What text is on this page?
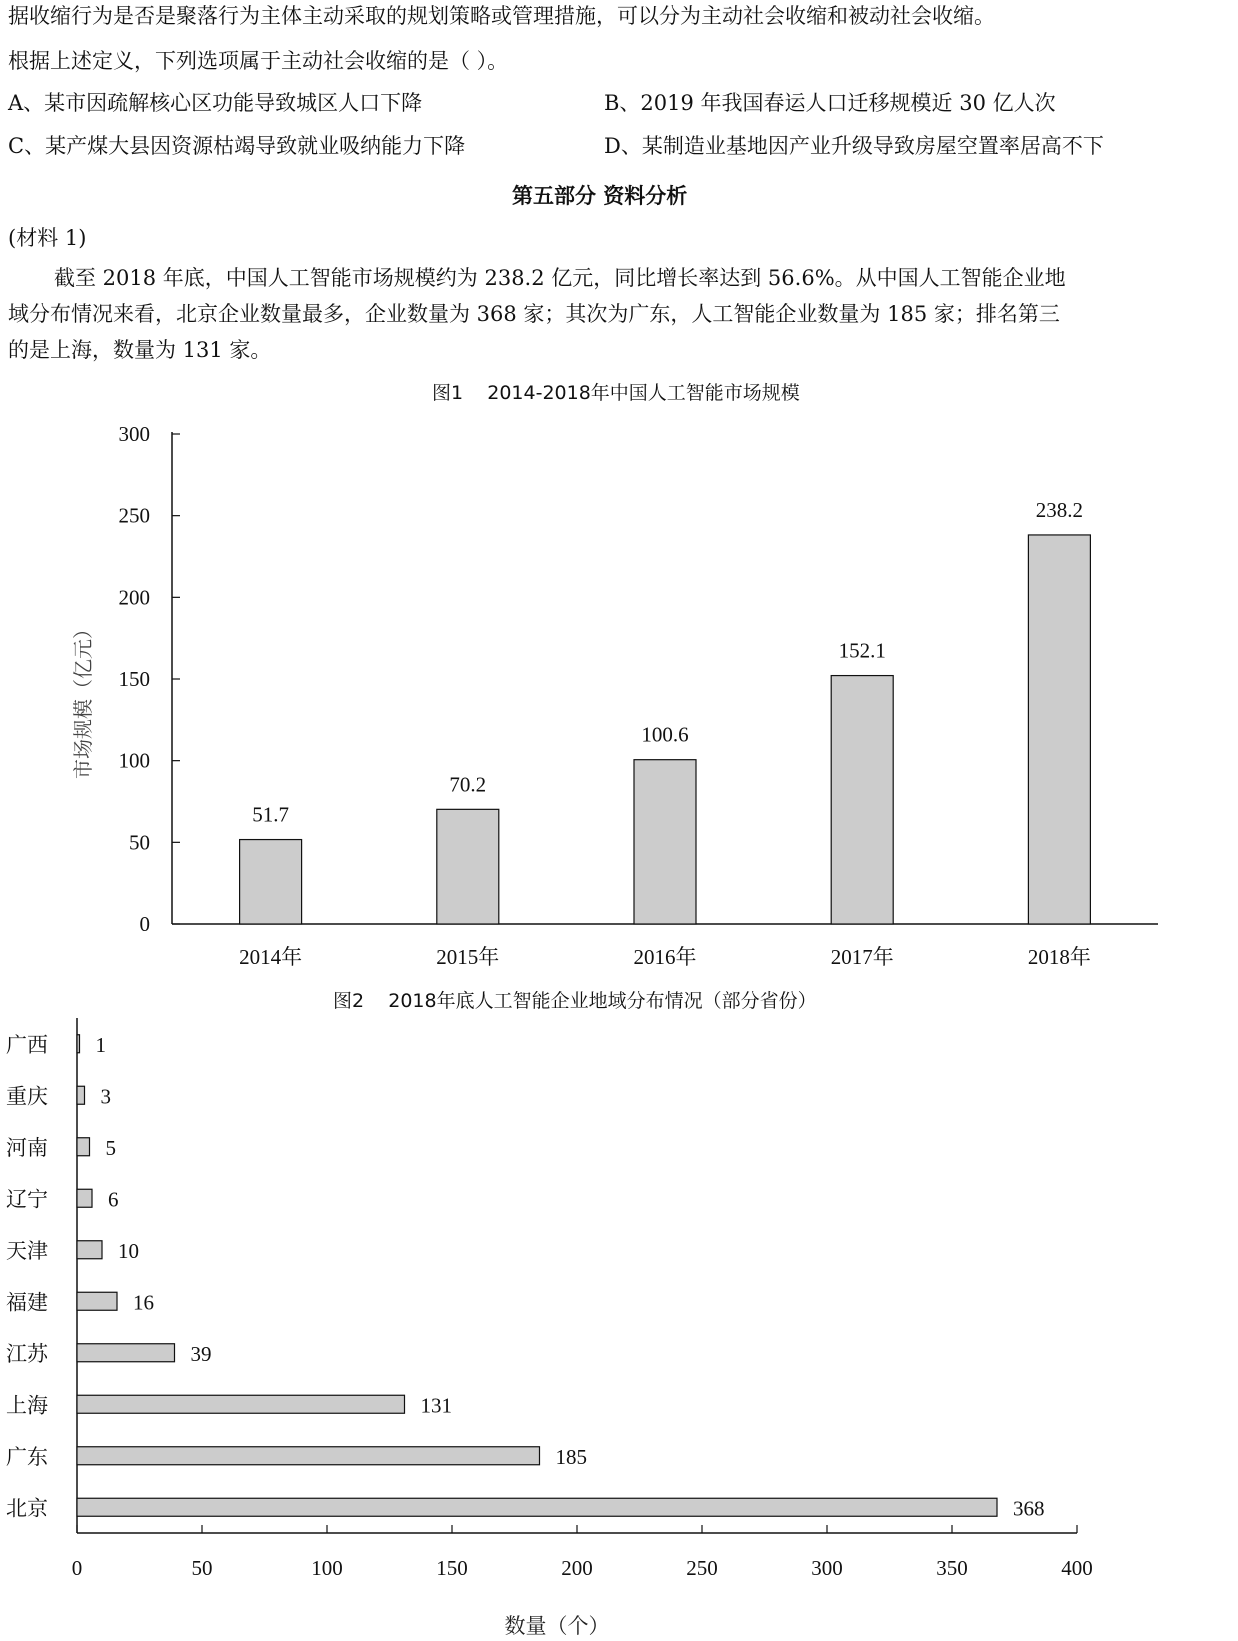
据收缩行为是否是聚落行为主体主动采取的规划策略或管理措施，可以分为主动社会收缩和被动社会收缩。
根据上述定义，下列选项属于主动社会收缩的是（ ）。
A、某市因疏解核心区功能导致城区人口下降	B、2019 年我国春运人口迁移规模近 30 亿人次
C、某产煤大县因资源枯竭导致就业吸纳能力下降	D、某制造业基地因产业升级导致房屋空置率居高不下
第五部分 资料分析
(材料 1)
截至 2018 年底，中国人工智能市场规模约为 238.2 亿元，同比增长率达到 56.6%。从中国人工智能企业地
域分布情况来看，北京企业数量最多，企业数量为 368 家；其次为广东，人工智能企业数量为 185 家；排名第三
的是上海，数量为 131 家。
图1    2014-2018年中国人工智能市场规模
0
50
100
150
200
250
300
51.7
2014年
70.2
2015年
100.6
2016年
152.1
2017年
238.2
2018年
市场规模（亿元）
图2    2018年底人工智能企业地域分布情况（部分省份）
0	50	100	150	200	250	300	350	400
1
广西
3
重庆
5
河南
6
辽宁
10
天津
16
福建
39
江苏
131
上海
185
广东
368
北京
数量（个）
